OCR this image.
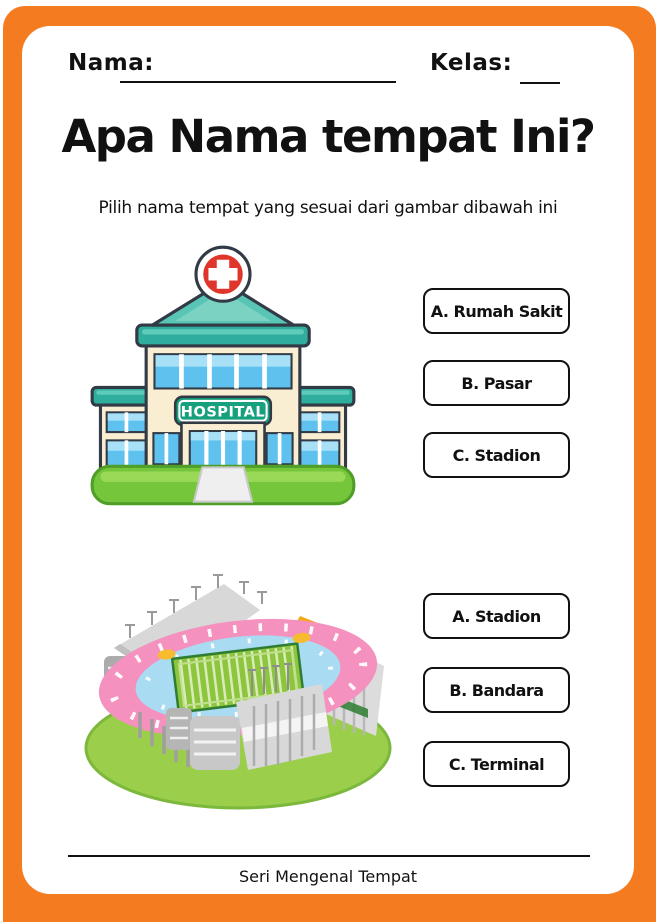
Nama:	Kelas:
Apa Nama tempat Ini?
Pilih nama tempat yang sesuai dari gambar dibawah ini
HOSPITAL
A. Rumah Sakit
B. Pasar
C. Stadion
A. Stadion
B. Bandara
C. Terminal
Seri Mengenal Tempat
